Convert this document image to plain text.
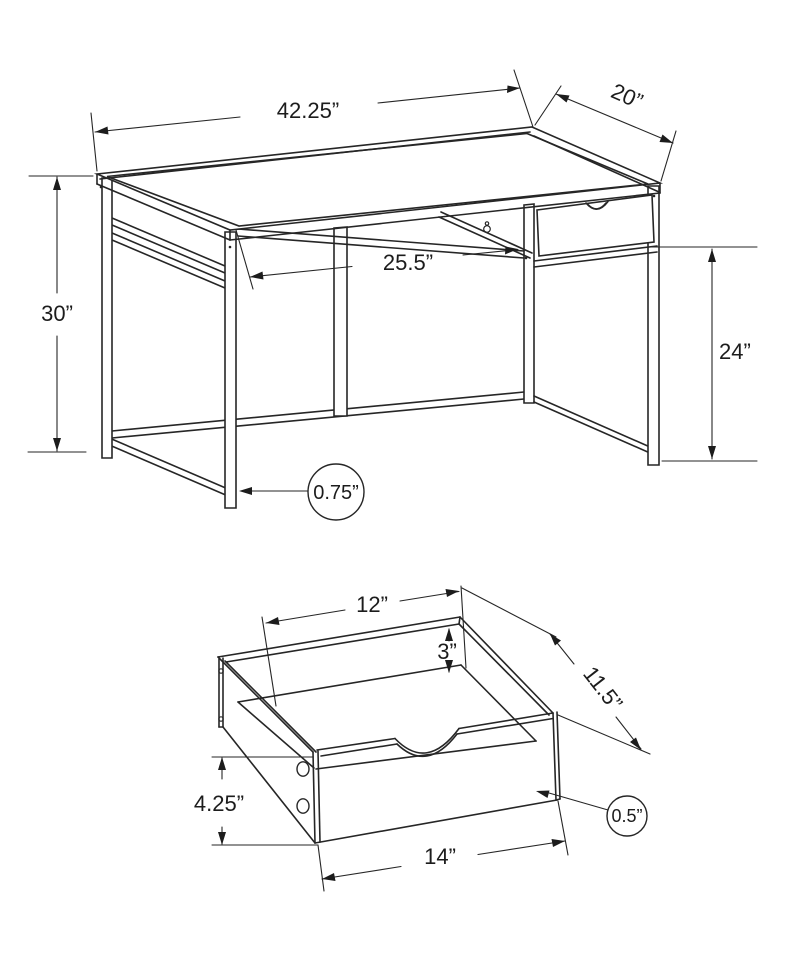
42.25”	20”
30”
25.5”
24”
0.75”
12”
3”
11.5”
4.25”
14”
0.5”
